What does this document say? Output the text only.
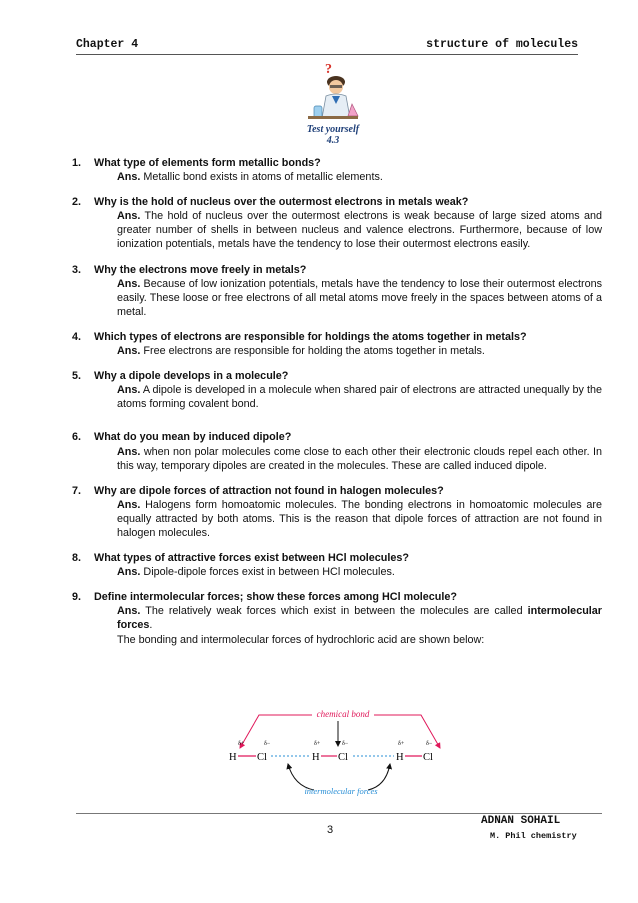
Chapter 4	structure of molecules
?
Test yourself
4.3
1. What type of elements form metallic bonds?
Ans. Metallic bond exists in atoms of metallic elements.
2. Why is the hold of nucleus over the outermost electrons in metals weak?
Ans. The hold of nucleus over the outermost electrons is weak because of large sized atoms and greater number of shells in between nucleus and valence electrons. Furthermore, because of low ionization potentials, metals have the tendency to lose their outermost electrons easily.
3. Why the electrons move freely in metals?
Ans. Because of low ionization potentials, metals have the tendency to lose their outermost electrons easily. These loose or free electrons of all metal atoms move freely in the spaces between atoms of a metal.
4. Which types of electrons are responsible for holdings the atoms together in metals?
Ans. Free electrons are responsible for holding the atoms together in metals.
5. Why a dipole develops in a molecule?
Ans. A dipole is developed in a molecule when shared pair of electrons are attracted unequally by the atoms forming covalent bond.
6. What do you mean by induced dipole?
Ans. when non polar molecules come close to each other their electronic clouds repel each other. In this way, temporary dipoles are created in the molecules. These are called induced dipole.
7. Why are dipole forces of attraction not found in halogen molecules?
Ans. Halogens form homoatomic molecules. The bonding electrons in homoatomic molecules are equally attracted by both atoms. This is the reason that dipole forces of attraction are not found in halogen molecules.
8. What types of attractive forces exist between HCl molecules?
Ans. Dipole-dipole forces exist in between HCl molecules.
9. Define intermolecular forces; show these forces among HCl molecule?
Ans. The relatively weak forces which exist in between the molecules are called intermolecular forces.
The bonding and intermolecular forces of hydrochloric acid are shown below:
chemical bond
δ+	δ−	δ+	δ−	δ+	δ−
H Cl	H Cl	H Cl
intermolecular forces
3
ADNAN SOHAIL
M. Phil chemistry
